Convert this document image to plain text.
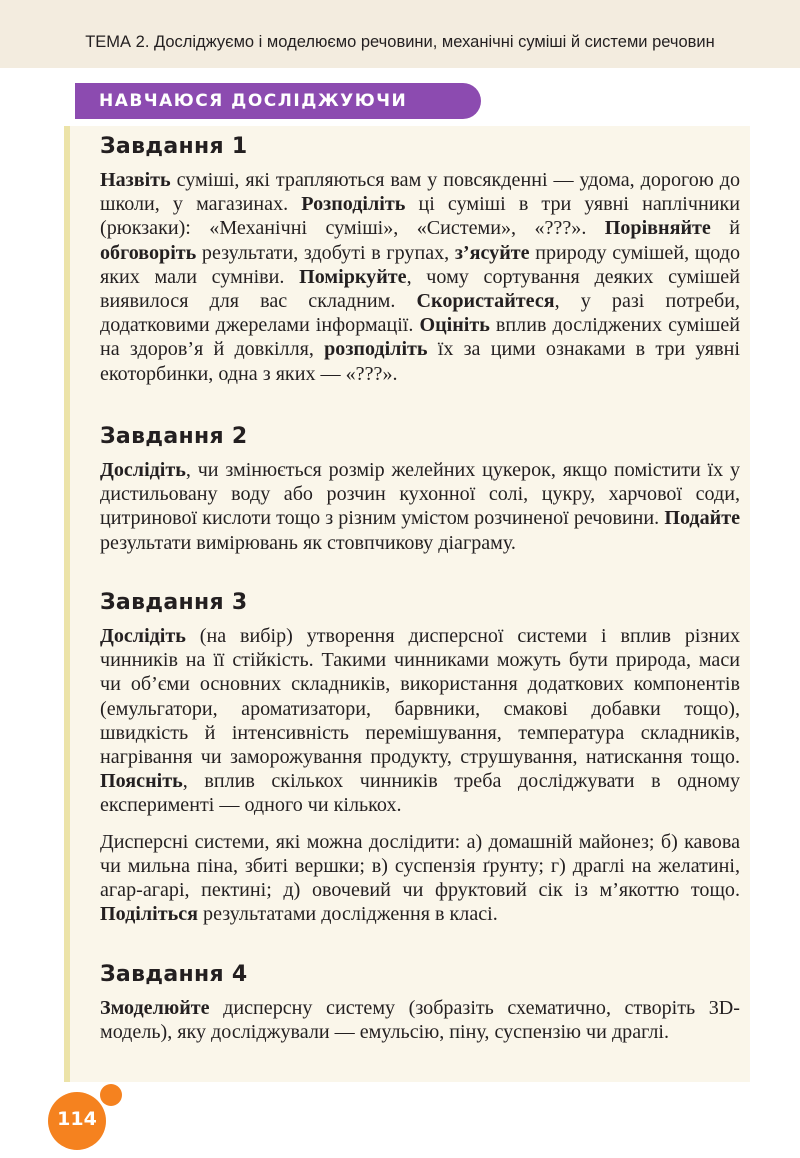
ТЕМА 2. Досліджуємо і моделюємо речовини, механічні суміші й системи речовин
НАВЧАЮСЯ ДОСЛІДЖУЮЧИ
Завдання 1

Назвіть суміші, які трапляються вам у повсякденні — удома, дорогою до школи, у магазинах. Розподіліть ці суміші в три уявні наплічники (рюкзаки): «Механічні суміші», «Системи», «???». Порівняйте й обговоріть результати, здобуті в групах, з’ясуйте природу сумішей, щодо яких мали сумніви. Поміркуйте, чому сортування деяких сумішей виявилося для вас складним. Скористайтеся, у разі потреби, додатковими джерелами інформації. Оцініть вплив досліджених сумішей на здоров’я й довкілля, розподіліть їх за цими ознаками в три уявні екоторбинки, одна з яких — «???».

Завдання 2

Дослідіть, чи змінюється розмір желейних цукерок, якщо помістити їх у дистильовану воду або розчин кухонної солі, цукру, харчової соди, цитринової кислоти тощо з різним умістом розчиненої речовини. Подайте результати вимірювань як стовпчикову діаграму.

Завдання 3

Дослідіть (на вибір) утворення дисперсної системи і вплив різних чинників на її стійкість. Такими чинниками можуть бути природа, маси чи об’єми основних складників, використання додаткових компонентів (емульгатори, ароматизатори, барвники, смакові добавки тощо), швидкість й інтенсивність перемішування, температура складників, нагрівання чи заморожування продукту, струшування, натискання тощо. Поясніть, вплив скількох чинників треба досліджувати в одному експерименті — одного чи кількох.

Дисперсні системи, які можна дослідити: а) домашній майонез; б) кавова чи мильна піна, збиті вершки; в) суспензія ґрунту; г) драглі на желатині, агар-агарі, пектині; д) овочевий чи фруктовий сік із м’якоттю тощо. Поділіться результатами дослідження в класі.

Завдання 4

Змоделюйте дисперсну систему (зобразіть схематично, створіть 3D-модель), яку досліджували — емульсію, піну, суспензію чи драглі.

114
